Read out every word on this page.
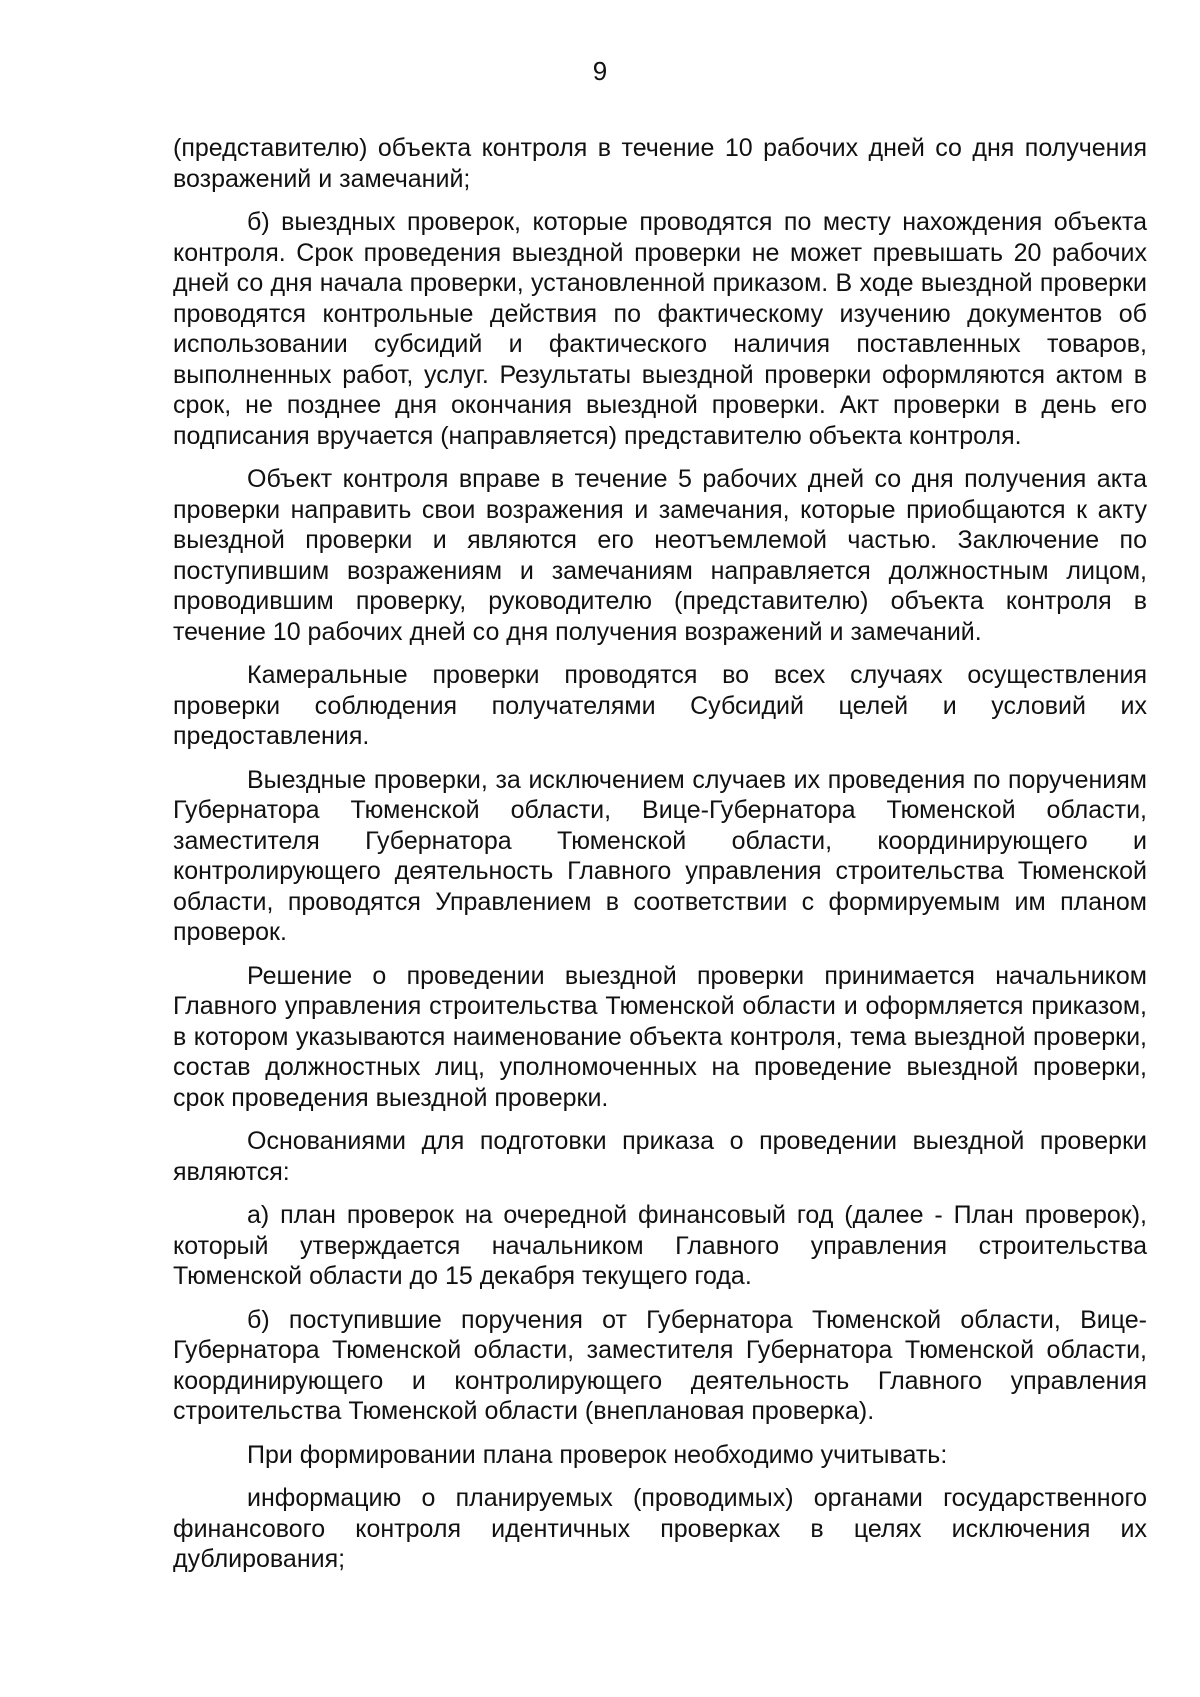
9

(представителю) объекта контроля в течение 10 рабочих дней со дня получения возражений и замечаний;

б) выездных проверок, которые проводятся по месту нахождения объекта контроля. Срок проведения выездной проверки не может превышать 20 рабочих дней со дня начала проверки, установленной приказом. В ходе выездной проверки проводятся контрольные действия по фактическому изучению документов об использовании субсидий и фактического наличия поставленных товаров, выполненных работ, услуг. Результаты выездной проверки оформляются актом в срок, не позднее дня окончания выездной проверки. Акт проверки в день его подписания вручается (направляется) представителю объекта контроля.

Объект контроля вправе в течение 5 рабочих дней со дня получения акта проверки направить свои возражения и замечания, которые приобщаются к акту выездной проверки и являются его неотъемлемой частью. Заключение по поступившим возражениям и замечаниям направляется должностным лицом, проводившим проверку, руководителю (представителю) объекта контроля в течение 10 рабочих дней со дня получения возражений и замечаний.

Камеральные проверки проводятся во всех случаях осуществления проверки соблюдения получателями Субсидий целей и условий их предоставления.

Выездные проверки, за исключением случаев их проведения по поручениям Губернатора Тюменской области, Вице-Губернатора Тюменской области, заместителя Губернатора Тюменской области, координирующего и контролирующего деятельность Главного управления строительства Тюменской области, проводятся Управлением в соответствии с формируемым им планом проверок.

Решение о проведении выездной проверки принимается начальником Главного управления строительства Тюменской области и оформляется приказом, в котором указываются наименование объекта контроля, тема выездной проверки, состав должностных лиц, уполномоченных на проведение выездной проверки, срок проведения выездной проверки.

Основаниями для подготовки приказа о проведении выездной проверки являются:

а) план проверок на очередной финансовый год (далее - План проверок), который утверждается начальником Главного управления строительства Тюменской области до 15 декабря текущего года.

б) поступившие поручения от Губернатора Тюменской области, Вице-Губернатора Тюменской области, заместителя Губернатора Тюменской области, координирующего и контролирующего деятельность Главного управления строительства Тюменской области (внеплановая проверка).

При формировании плана проверок необходимо учитывать:

информацию о планируемых (проводимых) органами государственного финансового контроля идентичных проверках в целях исключения их дублирования;
